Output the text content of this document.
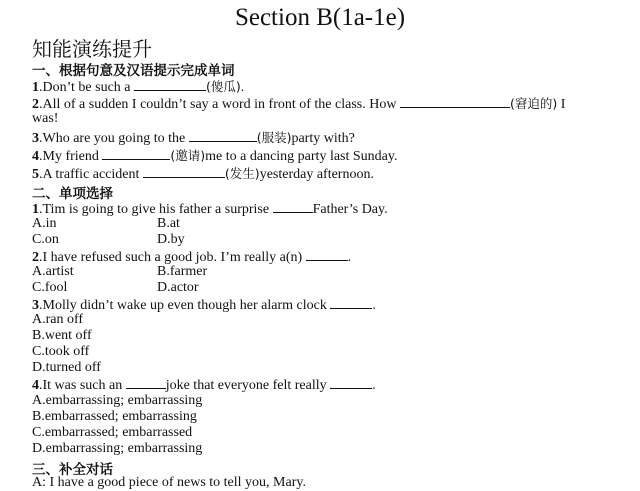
Section B(1a-1e)
知能演练提升
一、根据句意及汉语提示完成单词
1.Don’t be such a	(傻瓜).
2.All of a sudden I couldn’t say a word in front of the class. How	(窘迫的) I
was!
3.Who are you going to the	(服装)party with?
4.My friend	(邀请)me to a dancing party last Sunday.
5.A traffic accident	(发生)yesterday afternoon.
二、单项选择
1.Tim is going to give his father a surprise	Father’s Day.
A.in	B.at
C.on	D.by
2.I have refused such a good job. I’m really a(n)	.
A.artist	B.farmer
C.fool	D.actor
3.Molly didn’t wake up even though her alarm clock	.
A.ran off
B.went off
C.took off
D.turned off
4.It was such an	joke that everyone felt really	.
A.embarrassing; embarrassing
B.embarrassed; embarrassing
C.embarrassed; embarrassed
D.embarrassing; embarrassing
三、补全对话
A: I have a good piece of news to tell you, Mary.
